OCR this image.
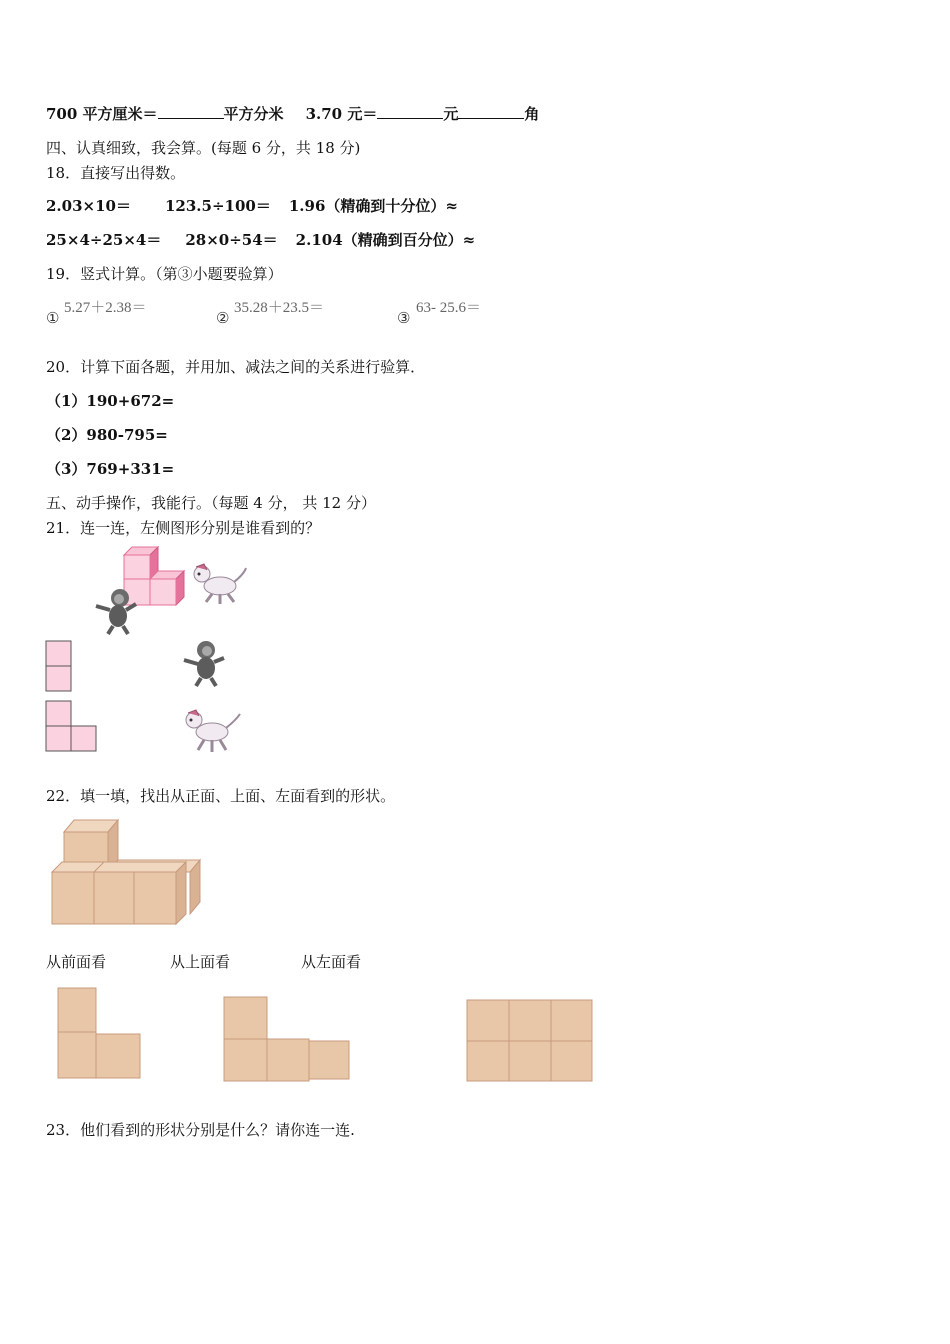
700 平方厘米＝	平方分米 3.70 元＝	元	角
四、认真细致，我会算。(每题 6 分，共 18 分)
18．直接写出得数。
2.03×10＝ 123.5÷100＝ 1.96（精确到十分位）≈
25×4÷25×4＝ 28×0÷54＝ 2.104（精确到百分位）≈
19．竖式计算。（第③小题要验算）
①
5.27＋2.38＝
②
35.28＋23.5＝
③
63- 25.6＝
20．计算下面各题，并用加、减法之间的关系进行验算．
（1）190+672=
（2）980-795=
（3）769+331=
五、动手操作，我能行。（每题 4 分， 共 12 分）
21．连一连，左侧图形分别是谁看到的？
22．填一填，找出从正面、上面、左面看到的形状。
从前面看	从上面看	从左面看
23．他们看到的形状分别是什么？请你连一连.
